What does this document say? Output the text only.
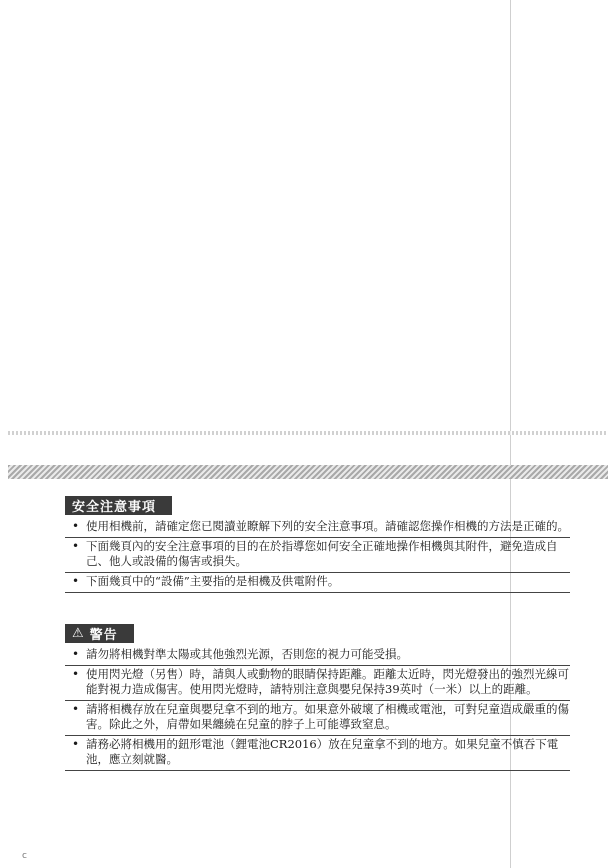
安全注意事項
• 使用相機前，請確定您已閱讀並瞭解下列的安全注意事項。請確認您操作相機的方法是正確的。
• 下面幾頁內的安全注意事項的目的在於指導您如何安全正確地操作相機與其附件，避免造成自己、他人或設備的傷害或損失。
• 下面幾頁中的“設備”主要指的是相機及供電附件。
⚠ 警告
• 請勿將相機對準太陽或其他強烈光源，否則您的視力可能受損。
• 使用閃光燈（另售）時，請與人或動物的眼睛保持距離。距離太近時，閃光燈發出的強烈光線可能對視力造成傷害。使用閃光燈時，請特別注意與嬰兒保持39英吋（一米）以上的距離。
• 請將相機存放在兒童與嬰兒拿不到的地方。如果意外破壞了相機或電池，可對兒童造成嚴重的傷害。除此之外，肩帶如果纏繞在兒童的脖子上可能導致窒息。
• 請務必將相機用的鈕形電池（鋰電池CR2016）放在兒童拿不到的地方。如果兒童不慎吞下電池，應立刻就醫。
c
